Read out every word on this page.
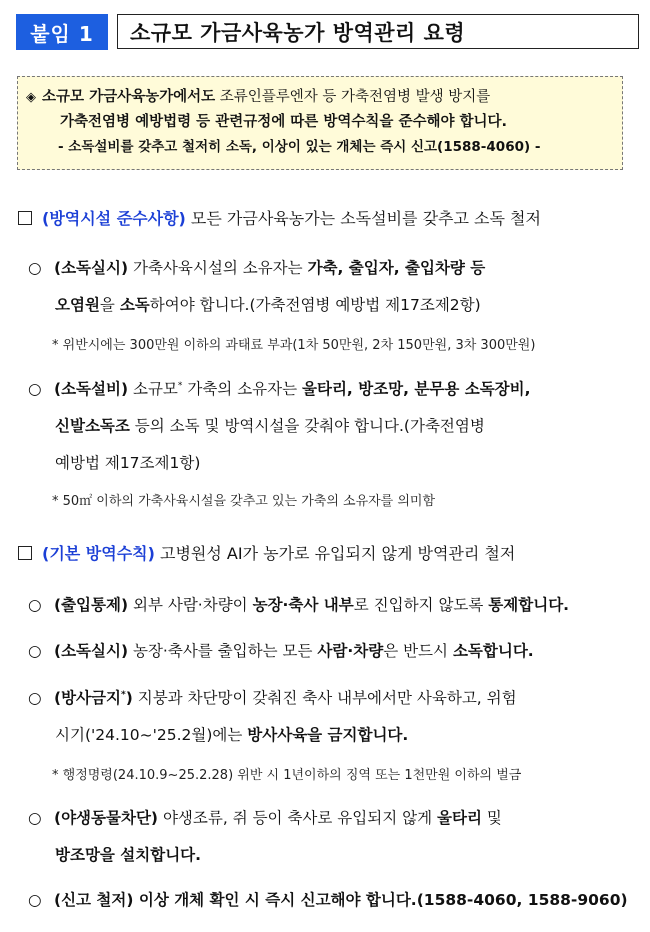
붙임 1	소규모 가금사육농가 방역관리 요령
◈ 소규모 가금사육농가에서도 조류인플루엔자 등 가축전염병 발생 방지를
가축전염병 예방법령 등 관련규정에 따른 방역수칙을 준수해야 합니다.
- 소독설비를 갖추고 철저히 소독, 이상이 있는 개체는 즉시 신고(1588-4060) -
(방역시설 준수사항) 모든 가금사육농가는 소독설비를 갖추고 소독 철저
○ (소독실시) 가축사육시설의 소유자는 가축, 출입자, 출입차량 등
오염원을 소독하여야 합니다.(가축전염병 예방법 제17조제2항)
* 위반시에는 300만원 이하의 과태료 부과(1차 50만원, 2차 150만원, 3차 300만원)
○ (소독설비) 소규모* 가축의 소유자는 울타리, 방조망, 분무용 소독장비,
신발소독조 등의 소독 및 방역시설을 갖춰야 합니다.(가축전염병
예방법 제17조제1항)
* 50㎡ 이하의 가축사육시설을 갖추고 있는 가축의 소유자를 의미함
(기본 방역수칙) 고병원성 AI가 농가로 유입되지 않게 방역관리 철저
○ (출입통제) 외부 사람·차량이 농장·축사 내부로 진입하지 않도록 통제합니다.
○ (소독실시) 농장·축사를 출입하는 모든 사람·차량은 반드시 소독합니다.
○ (방사금지*) 지붕과 차단망이 갖춰진 축사 내부에서만 사육하고, 위험
시기('24.10~'25.2월)에는 방사사육을 금지합니다.
* 행정명령(24.10.9~25.2.28) 위반 시 1년이하의 징역 또는 1천만원 이하의 벌금
○ (야생동물차단) 야생조류, 쥐 등이 축사로 유입되지 않게 울타리 및
방조망을 설치합니다.
○ (신고 철저) 이상 개체 확인 시 즉시 신고해야 합니다.(1588-4060, 1588-9060)
